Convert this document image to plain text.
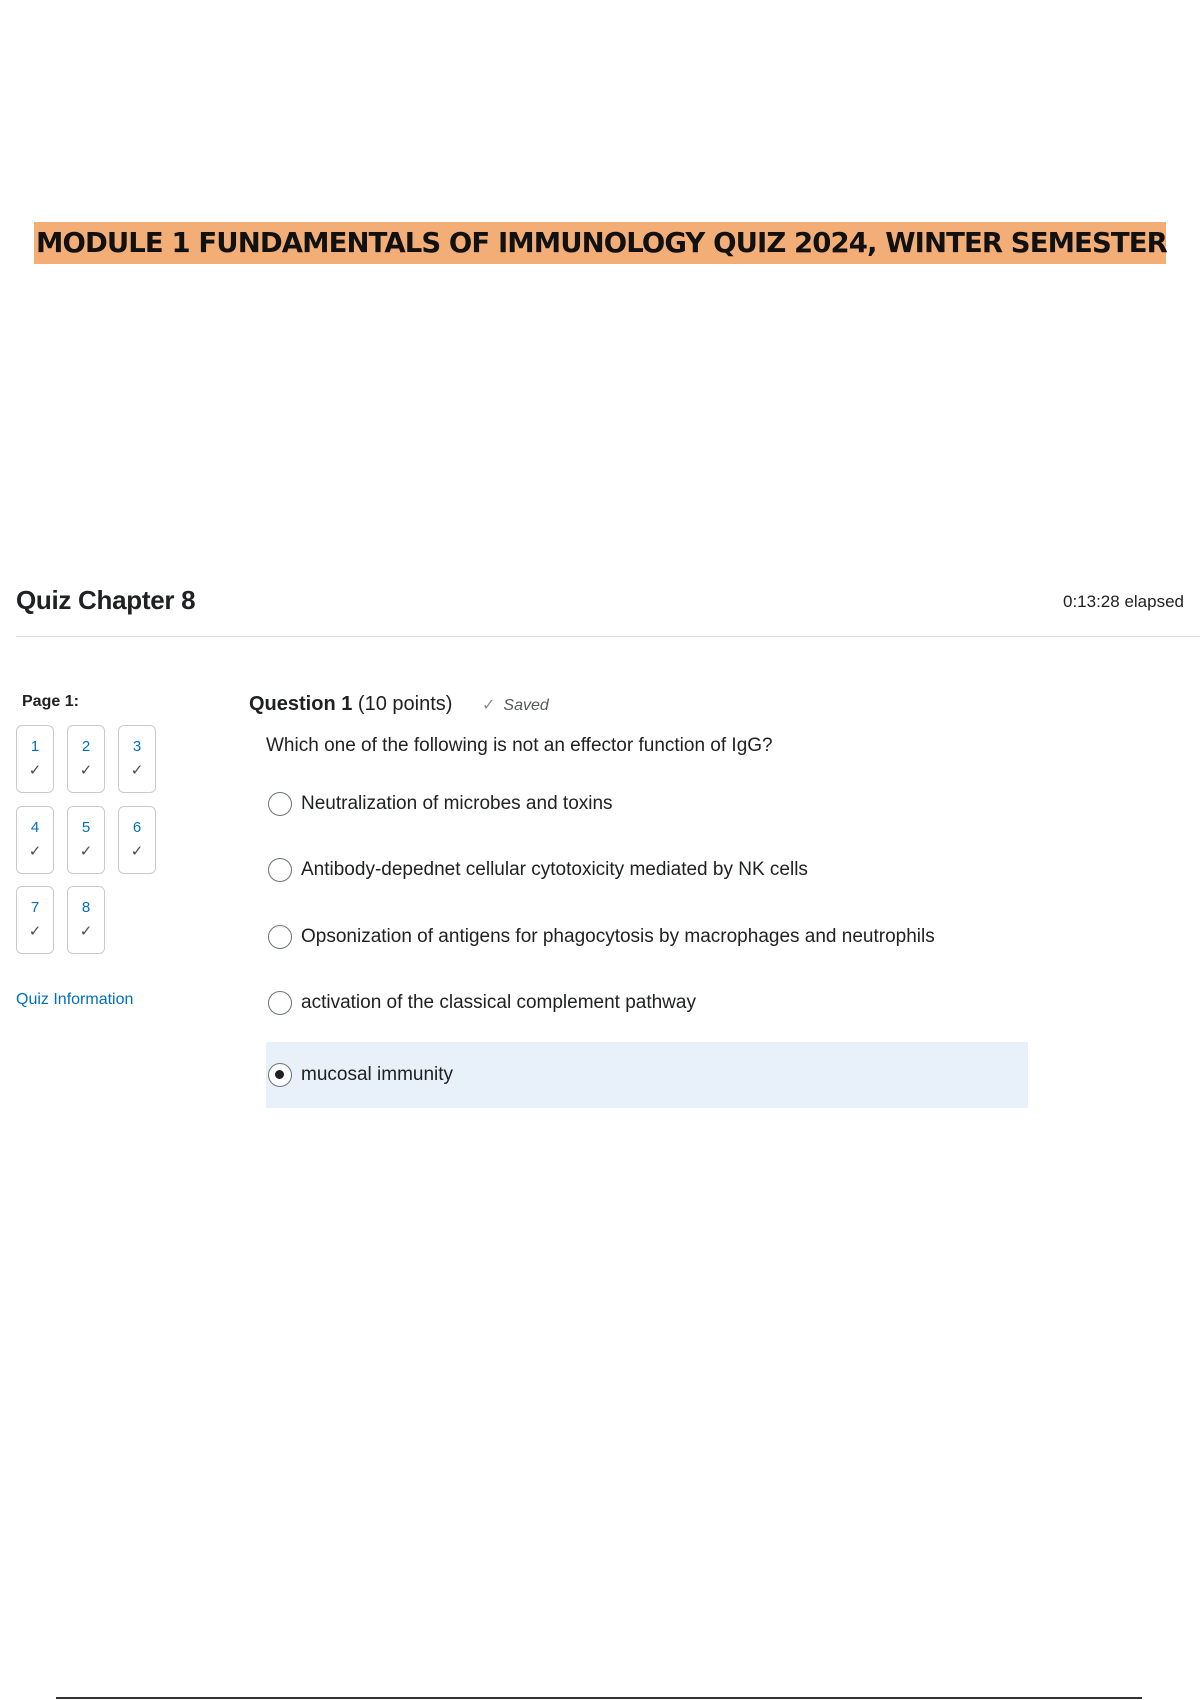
MODULE 1 FUNDAMENTALS OF IMMUNOLOGY QUIZ 2024, WINTER SEMESTER
Quiz Chapter 8	0:13:28 elapsed
Page 1:
1
✓
2
✓
3
✓
4
✓
5
✓
6
✓
7
✓
8
✓
Quiz Information
Question 1 (10 points) ✓ Saved
Which one of the following is not an effector function of IgG?
Neutralization of microbes and toxins
Antibody-depednet cellular cytotoxicity mediated by NK cells
Opsonization of antigens for phagocytosis by macrophages and neutrophils
activation of the classical complement pathway
mucosal immunity
